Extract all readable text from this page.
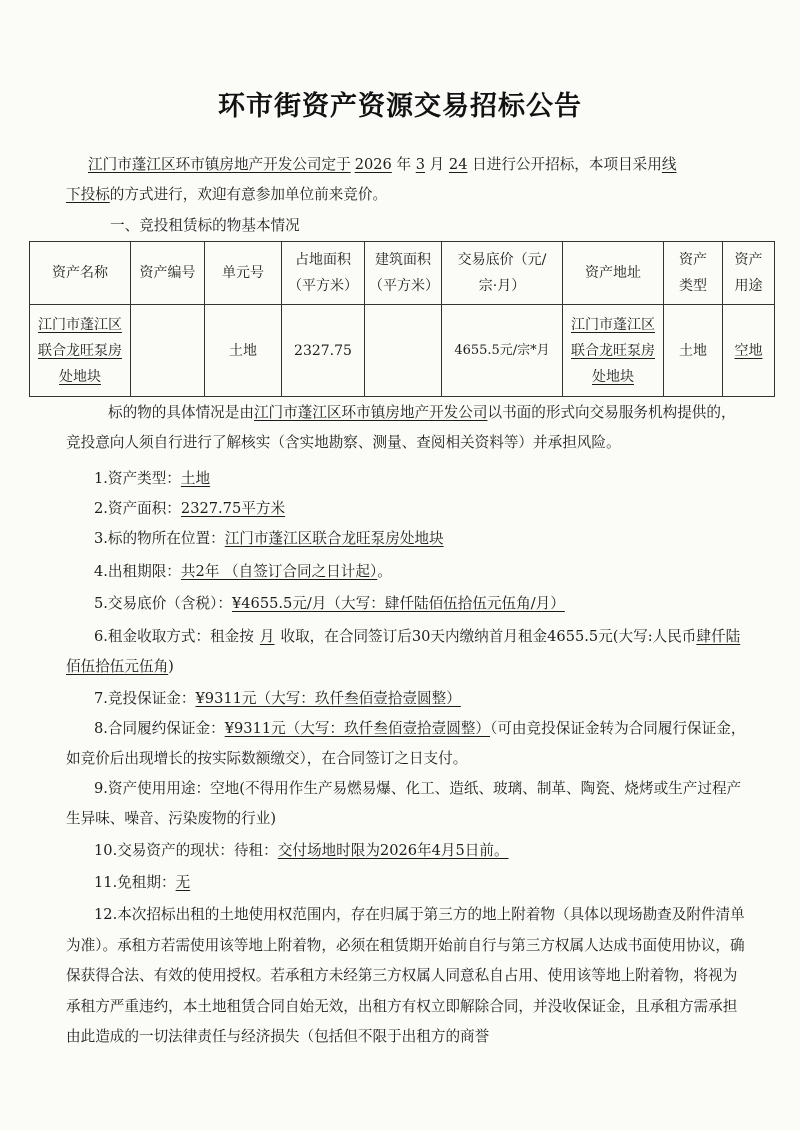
环市街资产资源交易招标公告
江门市蓬江区环市镇房地产开发公司定于 2026 年 3 月 24 日进行公开招标，本项目采用线
下投标的方式进行，欢迎有意参加单位前来竞价。
一、竞投租赁标的物基本情况
资产名称	资产编号	单元号	占地面积（平方米）	建筑面积（平方米）	交易底价（元/宗·月）	资产地址	资产类型	资产用途
江门市蓬江区联合龙旺泵房处地块		土地	2327.75		4655.5元/宗*月	江门市蓬江区联合龙旺泵房处地块	土地	空地
标的物的具体情况是由江门市蓬江区环市镇房地产开发公司以书面的形式向交易服务机构提供的，竞投意向人须自行进行了解核实（含实地勘察、测量、查阅相关资料等）并承担风险。
1.资产类型：土地
2.资产面积：2327.75平方米
3.标的物所在位置：江门市蓬江区联合龙旺泵房处地块
4.出租期限：共2年 （自签订合同之日计起）。
5.交易底价（含税）：¥4655.5元/月（大写：肆仟陆佰伍拾伍元伍角/月）
6.租金收取方式：租金按 月 收取，在合同签订后30天内缴纳首月租金4655.5元(大写:人民币肆仟陆佰伍拾伍元伍角)
7.竞投保证金：¥9311元（大写：玖仟叁佰壹拾壹圆整）
8.合同履约保证金：¥9311元（大写：玖仟叁佰壹拾壹圆整）（可由竞投保证金转为合同履行保证金，如竞价后出现增长的按实际数额缴交），在合同签订之日支付。
9.资产使用用途：空地(不得用作生产易燃易爆、化工、造纸、玻璃、制革、陶瓷、烧烤或生产过程产生异味、噪音、污染废物的行业)
10.交易资产的现状：待租：交付场地时限为2026年4月5日前。
11.免租期：无
12.本次招标出租的土地使用权范围内，存在归属于第三方的地上附着物（具体以现场勘查及附件清单为准）。承租方若需使用该等地上附着物，必须在租赁期开始前自行与第三方权属人达成书面使用协议，确保获得合法、有效的使用授权。若承租方未经第三方权属人同意私自占用、使用该等地上附着物，将视为承租方严重违约，本土地租赁合同自始无效，出租方有权立即解除合同，并没收保证金，且承租方需承担由此造成的一切法律责任与经济损失（包括但不限于出租方的商誉
